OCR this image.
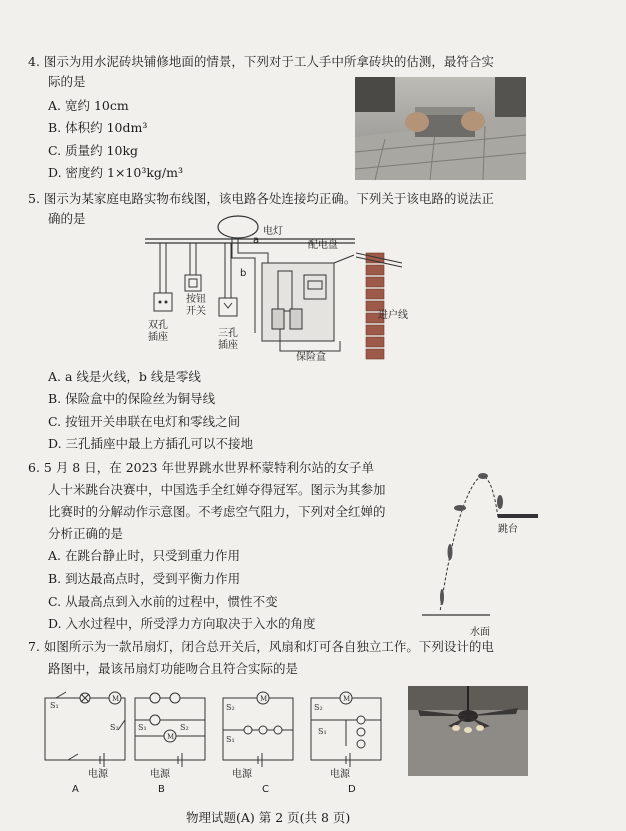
4. 图示为用水泥砖块铺修地面的情景，下列对于工人手中所拿砖块的估测，最符合实
际的是
A. 宽约 10cm
B. 体积约 10dm³
C. 质量约 10kg
D. 密度约 1×10³kg/m³
5. 图示为某家庭电路实物布线图，该电路各处连接均正确。下列关于该电路的说法正
确的是
电灯
a
b
配电盘
双孔
插座
按钮
开关
三孔
插座
保险盒
进户线
A. a 线是火线，b 线是零线
B. 保险盒中的保险丝为铜导线
C. 按钮开关串联在电灯和零线之间
D. 三孔插座中最上方插孔可以不接地
6. 5 月 8 日，在 2023 年世界跳水世界杯蒙特利尔站的女子单
人十米跳台决赛中，中国选手全红婵夺得冠军。图示为其参加
比赛时的分解动作示意图。不考虑空气阻力，下列对全红婵的
分析正确的是
A. 在跳台静止时，只受到重力作用
B. 到达最高点时，受到平衡力作用
C. 从最高点到入水前的过程中，惯性不变
D. 入水过程中，所受浮力方向取决于入水的角度
跳台
水面
7. 如图所示为一款吊扇灯，闭合总开关后，风扇和灯可各自独立工作。下列设计的电
路图中，最该吊扇灯功能吻合且符合实际的是
M
S₁
S₂
电源
A
M
S₁	S₂
电源
B
M
S₂
S₁
电源
C
M
S₂
S₁
电源
D
物理试题(A) 第 2 页(共 8 页)
